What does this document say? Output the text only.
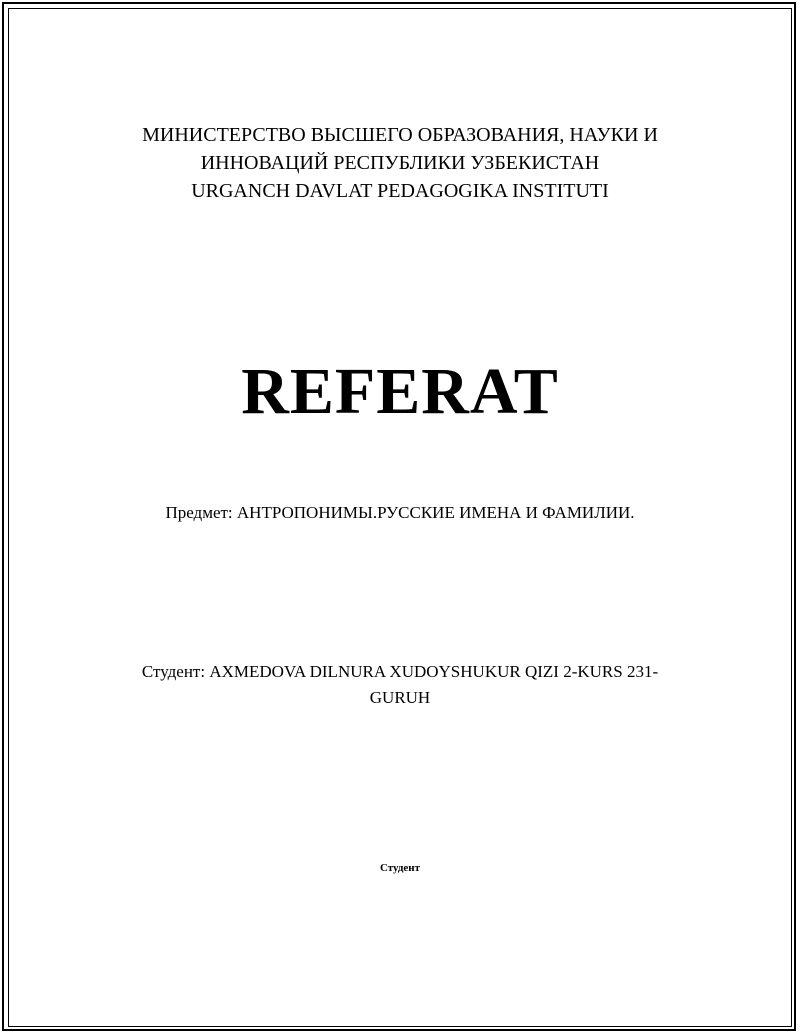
МИНИСТЕРСТВО ВЫСШЕГО ОБРАЗОВАНИЯ, НАУКИ И
ИННОВАЦИЙ РЕСПУБЛИКИ УЗБЕКИСТАН
URGANCH DAVLAT PEDAGOGIKA INSTITUTI
REFERAT
Предмет: АНТРОПОНИМЫ.РУССКИЕ ИМЕНА И ФАМИЛИИ.
Студент: AXMEDOVA DILNURA XUDOYSHUKUR QIZI 2-KURS 231-
GURUH
Студент
